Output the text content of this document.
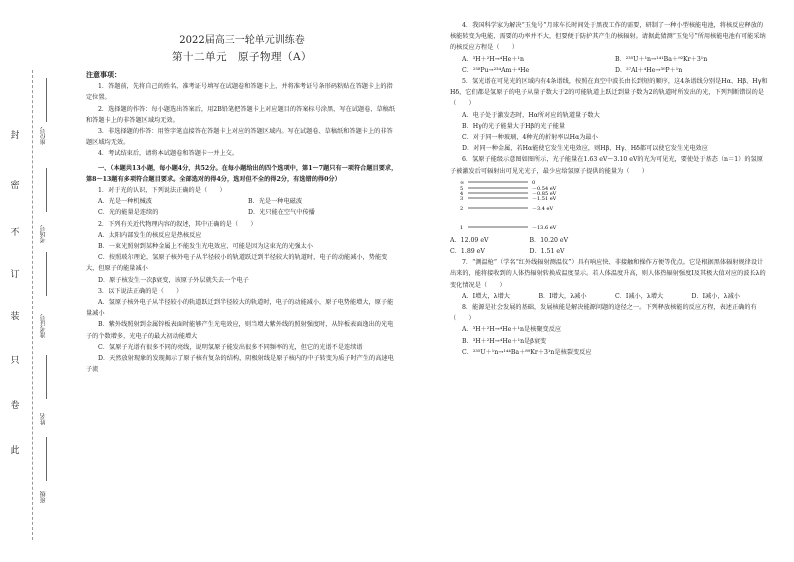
封
密
不
订
装
只
卷
此
座位号
考场号
准考证号
姓名
班级
2022届高三一轮单元训练卷
第十二单元　原子物理（A）
注意事项：

1．答题前，先将自己的姓名、准考证号填写在试题卷和答题卡上，并将准考证号条形码粘贴在答题卡上的指定位置。

2．选择题的作答：每小题选出答案后，用2B铅笔把答题卡上对应题目的答案标号涂黑，写在试题卷、草稿纸和答题卡上的非答题区域均无效。

3．非选择题的作答：用签字笔直接答在答题卡上对应的答题区域内。写在试题卷、草稿纸和答题卡上的非答题区域均无效。

4．考试结束后，请将本试题卷和答题卡一并上交。

一、（本题共13小题，每小题4分，共52分。在每小题给出的四个选项中，第1～7题只有一项符合题目要求，第8～13题有多项符合题目要求。全部选对的得4分，选对但不全的得2分，有选错的得0分）

1．对于光的认识，下列说法正确的是（　　）

A．光是一种机械波	B．光是一种电磁波
C．光的能量是连续的	D．光只能在空气中传播

2．下列有关近代物理内容的叙述，其中正确的是（　　）

A．太阳内部发生的核反应是热核反应

B．一束光照射到某种金属上不能发生光电效应，可能是因为这束光的光强太小

C．按照玻尔理论，氢原子核外电子从半径较小的轨道跃迁到半径较大的轨道时，电子的动能减小，势能变大，但原子的能量减小

D．原子核发生一次β衰变，该原子外层就失去一个电子

3．以下说法正确的是（　　）

A．氢原子核外电子从半径较小的轨道跃迁到半径较大的轨道时，电子的动能减小，原子电势能增大，原子能量减小

B．紫外线照射到金属锌板表面时能够产生光电效应，则当增大紫外线的照射强度时，从锌板表面逸出的光电子的个数增多，光电子的最大初动能增大

C．氢原子光谱有很多不同的亮线，说明氢原子能发出很多不同频率的光，但它的光谱不是连续谱

D．天然放射现象的发现揭示了原子核有复杂的结构，阴极射线是原子核内的中子转变为质子时产生的高速电子流

4．我国科学家为解决“玉兔号”月球车长时间处于黑夜工作的需要，研制了一种小型核能电池，将核反应释放的核能转变为电能，需要的功率并不大，但要便于防护其产生的核辐射。请据此猜测“玉兔号”所用核能电池有可能采纳的核反应方程是（　　）

A．³H＋²H→⁴He＋¹n	B．²³⁵U＋¹n→¹⁴¹Ba＋⁹²Kr＋3¹n
C．²³⁸Pu→²³⁴Am＋⁴He	D．²⁷Al＋⁴He→³⁰P＋¹n

5．氢光谱在可见光的区域内有4条谱线，按照在真空中波长由长到短的顺序，这4条谱线分别是Hα、Hβ、Hγ和Hδ，它们都是氢原子的电子从量子数大于2的可能轨道上跃迁到量子数为2的轨道时所发出的光，下列判断错误的是（　　）

A．电子处于激发态时，Hα所对应的轨道量子数大

B．Hγ的光子能量大于Hβ的光子能量

C．对于同一种玻璃，4种光的折射率以Hα为最小

D．对同一种金属，若Hα能使它发生光电效应，则Hβ、Hγ、Hδ都可以使它发生光电效应

6．氢原子能级示意图如图所示，光子能量在1.63 eV～3.10 eV的光为可见光，要使处于基态（n＝1）的氢原子被激发后可辐射出可见光光子，最少应给氢原子提供的能量为（　　）

∞	0
5	－0.54 eV
4	－0.85 eV
3	－1.51 eV
2	－3.4 eV
1	－13.6 eV
A．12.09 eV	B．10.20 eV
C．1.89 eV	D．1.51 eV

7．“测温枪”（学名“红外线辐射测温仪”）具有响应快、非接触和操作方便等优点。它是根据黑体辐射规律设计出来的，能将接收到的人体热辐射转换成温度显示。若人体温度升高，则人体热辐射强度I及其极大值对应的波长λ的变化情况是（　　）

A．I增大，λ增大	B．I增大，λ减小	C．I减小，λ增大	D．I减小，λ减小

8．能源是社会发展的基础，发展核能是解决能源问题的途径之一。下列释放核能的反应方程，表述正确的有（　　）

A．³H＋²H→⁴He＋¹n是核聚变反应

B．³H＋²H→⁴He＋¹n是β衰变

C．²³⁵U＋¹n→¹⁴⁴Ba＋⁸⁹Kr＋3¹n是核裂变反应
